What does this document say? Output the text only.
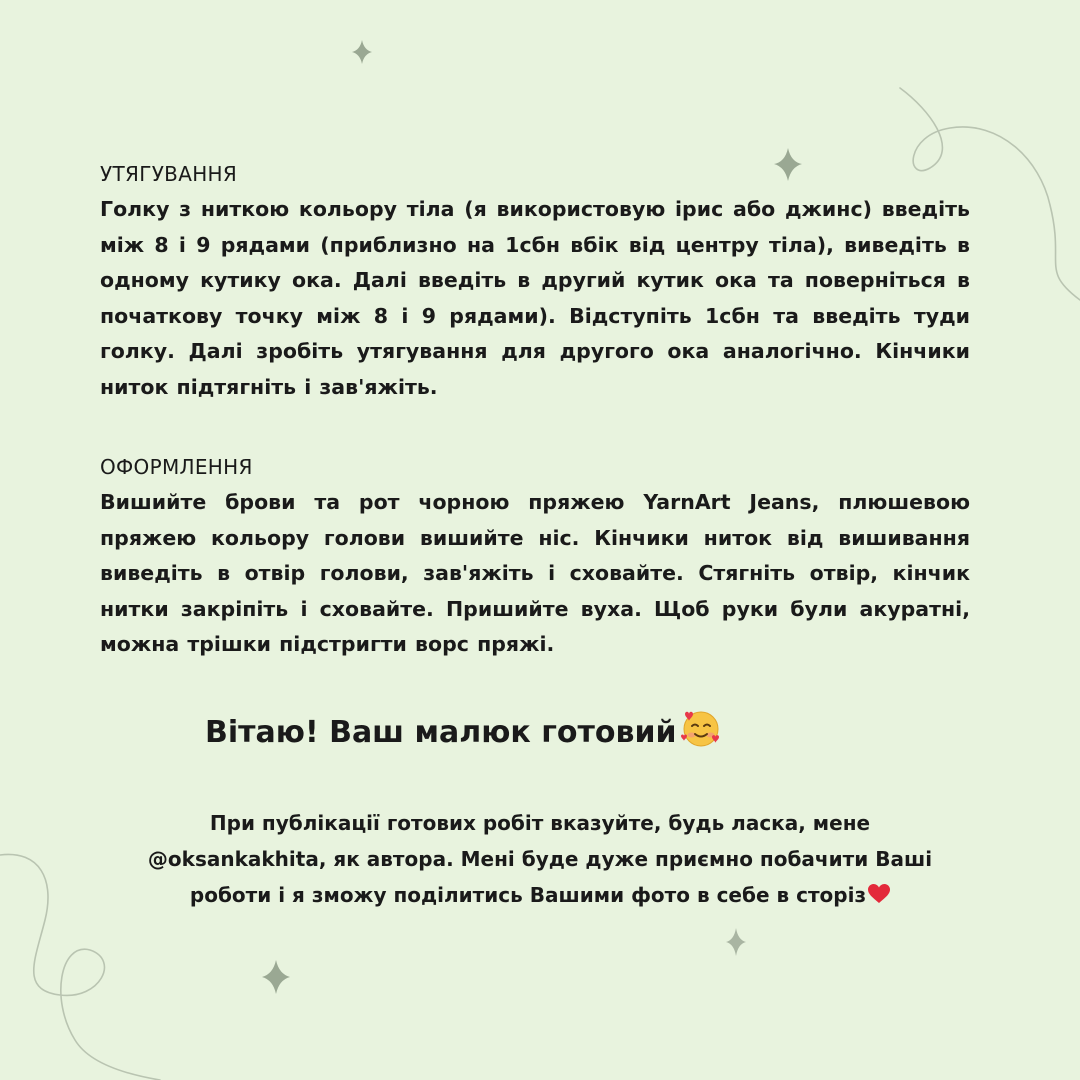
УТЯГУВАННЯ

Голку з ниткою кольору тіла (я використовую ірис або джинс) введіть між 8 і 9 рядами (приблизно на 1сбн вбік від центру тіла), виведіть в одному кутику ока. Далі введіть в другий кутик ока та поверніться в початкову точку між 8 і 9 рядами). Відступіть 1сбн та введіть туди голку. Далі зробіть утягування для другого ока аналогічно. Кінчики ниток підтягніть і зав'яжіть.

ОФОРМЛЕННЯ

Вишийте брови та рот чорною пряжею YarnArt Jeans, плюшевою пряжею кольору голови вишийте ніс. Кінчики ниток від вишивання виведіть в отвір голови, зав'яжіть і сховайте. Стягніть отвір, кінчик нитки закріпіть і сховайте. Пришийте вуха. Щоб руки були акуратні, можна трішки підстригти ворс пряжі.

Вітаю! Ваш малюк готовий

При публікації готових робіт вказуйте, будь ласка, мене @oksankakhita, як автора. Мені буде дуже приємно побачити Ваші роботи і я зможу поділитись Вашими фото в себе в сторіз
